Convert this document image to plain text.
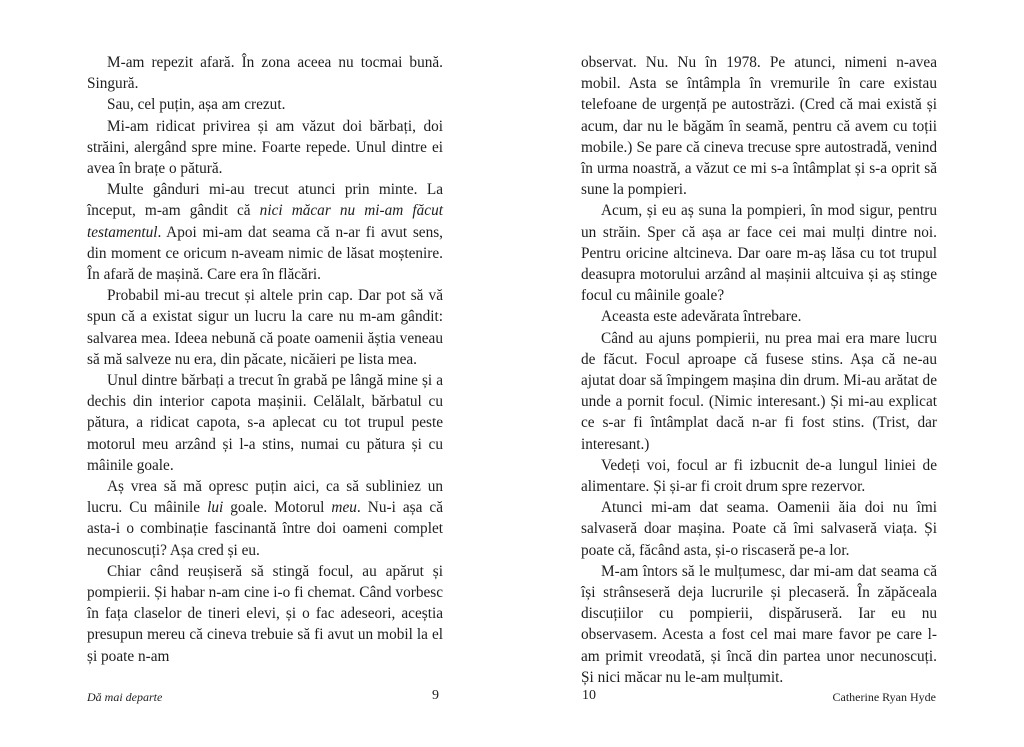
M-am repezit afară. În zona aceea nu tocmai bună. Singură.

Sau, cel puțin, așa am crezut.

Mi-am ridicat privirea și am văzut doi bărbați, doi străini, alergând spre mine. Foarte repede. Unul dintre ei avea în brațe o pătură.

Multe gânduri mi-au trecut atunci prin minte. La început, m-am gândit că nici măcar nu mi-am făcut testamentul. Apoi mi-am dat seama că n-ar fi avut sens, din moment ce oricum n-aveam nimic de lăsat moștenire. În afară de mașină. Care era în flăcări.

Probabil mi-au trecut și altele prin cap. Dar pot să vă spun că a existat sigur un lucru la care nu m-am gândit: salvarea mea. Ideea nebună că poate oamenii ăștia veneau să mă salveze nu era, din păcate, nicăieri pe lista mea.

Unul dintre bărbați a trecut în grabă pe lângă mine și a dechis din interior capota mașinii. Celălalt, bărbatul cu pătura, a ridicat capota, s-a aplecat cu tot trupul peste motorul meu arzând și l-a stins, numai cu pătura și cu mâinile goale.

Aș vrea să mă opresc puțin aici, ca să subliniez un lucru. Cu mâinile lui goale. Motorul meu. Nu-i așa că asta-i o combinație fascinantă între doi oameni complet necunoscuți? Așa cred și eu.

Chiar când reușiseră să stingă focul, au apărut și pompierii. Și habar n-am cine i-o fi chemat. Când vorbesc în fața claselor de tineri elevi, și o fac adeseori, aceștia presupun mereu că cineva trebuie să fi avut un mobil la el și poate n-am

Dă mai departe	9

observat. Nu. Nu în 1978. Pe atunci, nimeni n-avea mobil. Asta se întâmpla în vremurile în care existau telefoane de urgență pe autostrăzi. (Cred că mai există și acum, dar nu le băgăm în seamă, pentru că avem cu toții mobile.) Se pare că cineva trecuse spre autostradă, venind în urma noastră, a văzut ce mi s-a întâmplat și s-a oprit să sune la pompieri.

Acum, și eu aș suna la pompieri, în mod sigur, pentru un străin. Sper că așa ar face cei mai mulți dintre noi. Pentru oricine altcineva. Dar oare m-aș lăsa cu tot trupul deasupra motorului arzând al mașinii altcuiva și aș stinge focul cu mâinile goale?

Aceasta este adevărata întrebare.

Când au ajuns pompierii, nu prea mai era mare lucru de făcut. Focul aproape că fusese stins. Așa că ne-au ajutat doar să împingem mașina din drum. Mi-au arătat de unde a pornit focul. (Nimic interesant.) Și mi-au explicat ce s-ar fi întâmplat dacă n-ar fi fost stins. (Trist, dar interesant.)

Vedeți voi, focul ar fi izbucnit de-a lungul liniei de alimentare. Și și-ar fi croit drum spre rezervor.

Atunci mi-am dat seama. Oamenii ăia doi nu îmi salvaseră doar mașina. Poate că îmi salvaseră viața. Și poate că, făcând asta, și-o riscaseră pe-a lor.

M-am întors să le mulțumesc, dar mi-am dat seama că își strânseseră deja lucrurile și plecaseră. În zăpăceala discuțiilor cu pompierii, dispăruseră. Iar eu nu observasem. Acesta a fost cel mai mare favor pe care l-am primit vreodată, și încă din partea unor necunoscuți. Și nici măcar nu le-am mulțumit.

10	Catherine Ryan Hyde
